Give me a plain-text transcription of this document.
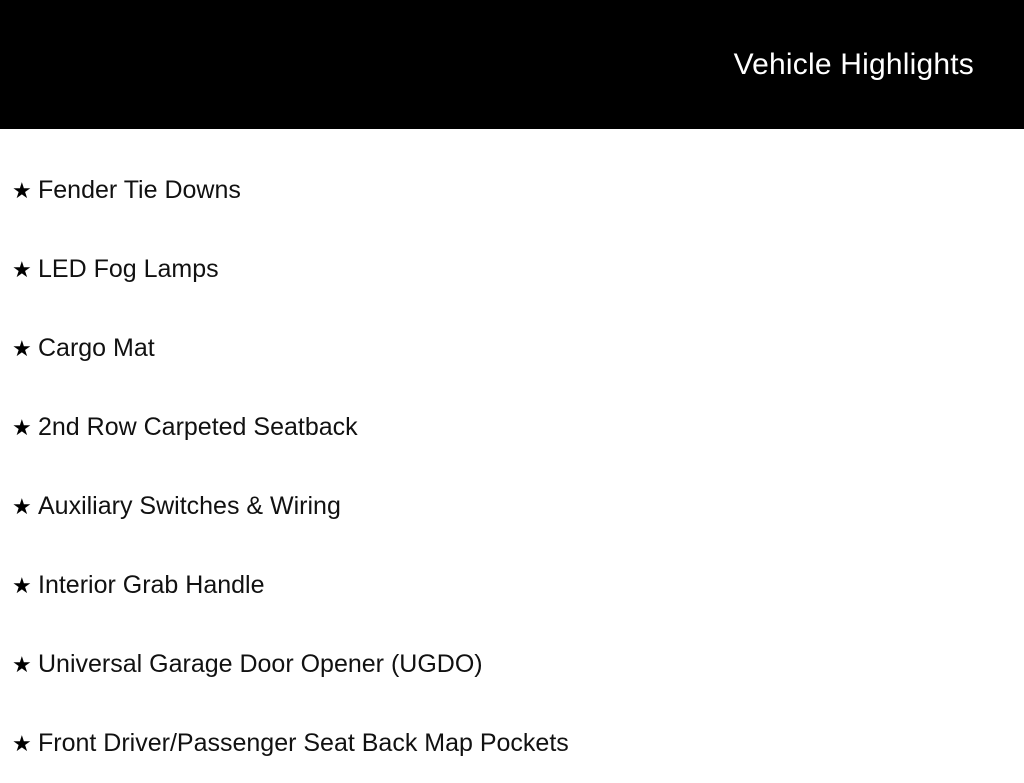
Vehicle Highlights
★ Fender Tie Downs
★ LED Fog Lamps
★ Cargo Mat
★ 2nd Row Carpeted Seatback
★ Auxiliary Switches & Wiring
★ Interior Grab Handle
★ Universal Garage Door Opener (UGDO)
★ Front Driver/Passenger Seat Back Map Pockets
